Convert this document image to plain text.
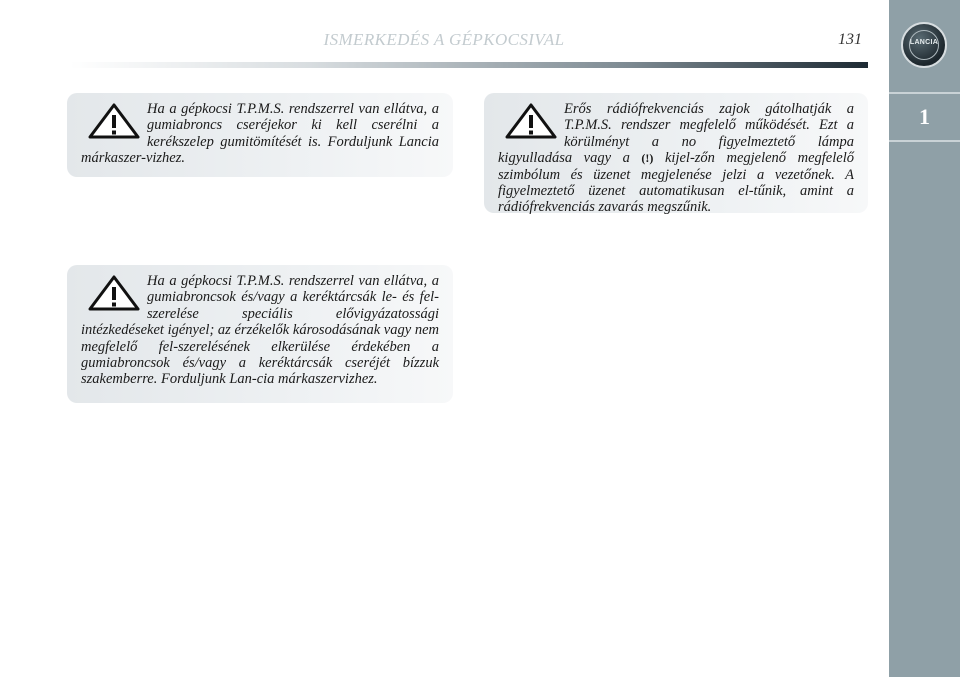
ISMERKEDÉS A GÉPKOCSIVAL	131	LANCIA
1

Ha a gépkocsi T.P.M.S. rendszerrel van ellátva, a gumiabroncs cseréjekor ki kell cserélni a kerékszelep gumitömítését is. Forduljunk Lancia márkaszer-vizhez.

Ha a gépkocsi T.P.M.S. rendszerrel van ellátva, a gumiabroncsok és/vagy a keréktárcsák le- és fel-szerelése speciális elővigyázatossági intézkedéseket igényel; az érzékelők károsodásának vagy nem megfelelő fel-szerelésének elkerülése érdekében a gumiabroncsok és/vagy a keréktárcsák cseréjét bízzuk szakemberre. Forduljunk Lan-cia márkaszervizhez.

Erős rádiófrekvenciás zajok gátolhatják a T.P.M.S. rendszer megfelelő működését. Ezt a körülményt a no figyelmeztető lámpa kigyulladása vagy a (!) kijel-zőn megjelenő megfelelő szimbólum és üzenet megjelenése jelzi a vezetőnek. A figyelmeztető üzenet automatikusan el-tűnik, amint a rádiófrekvenciás zavarás megszűnik.
